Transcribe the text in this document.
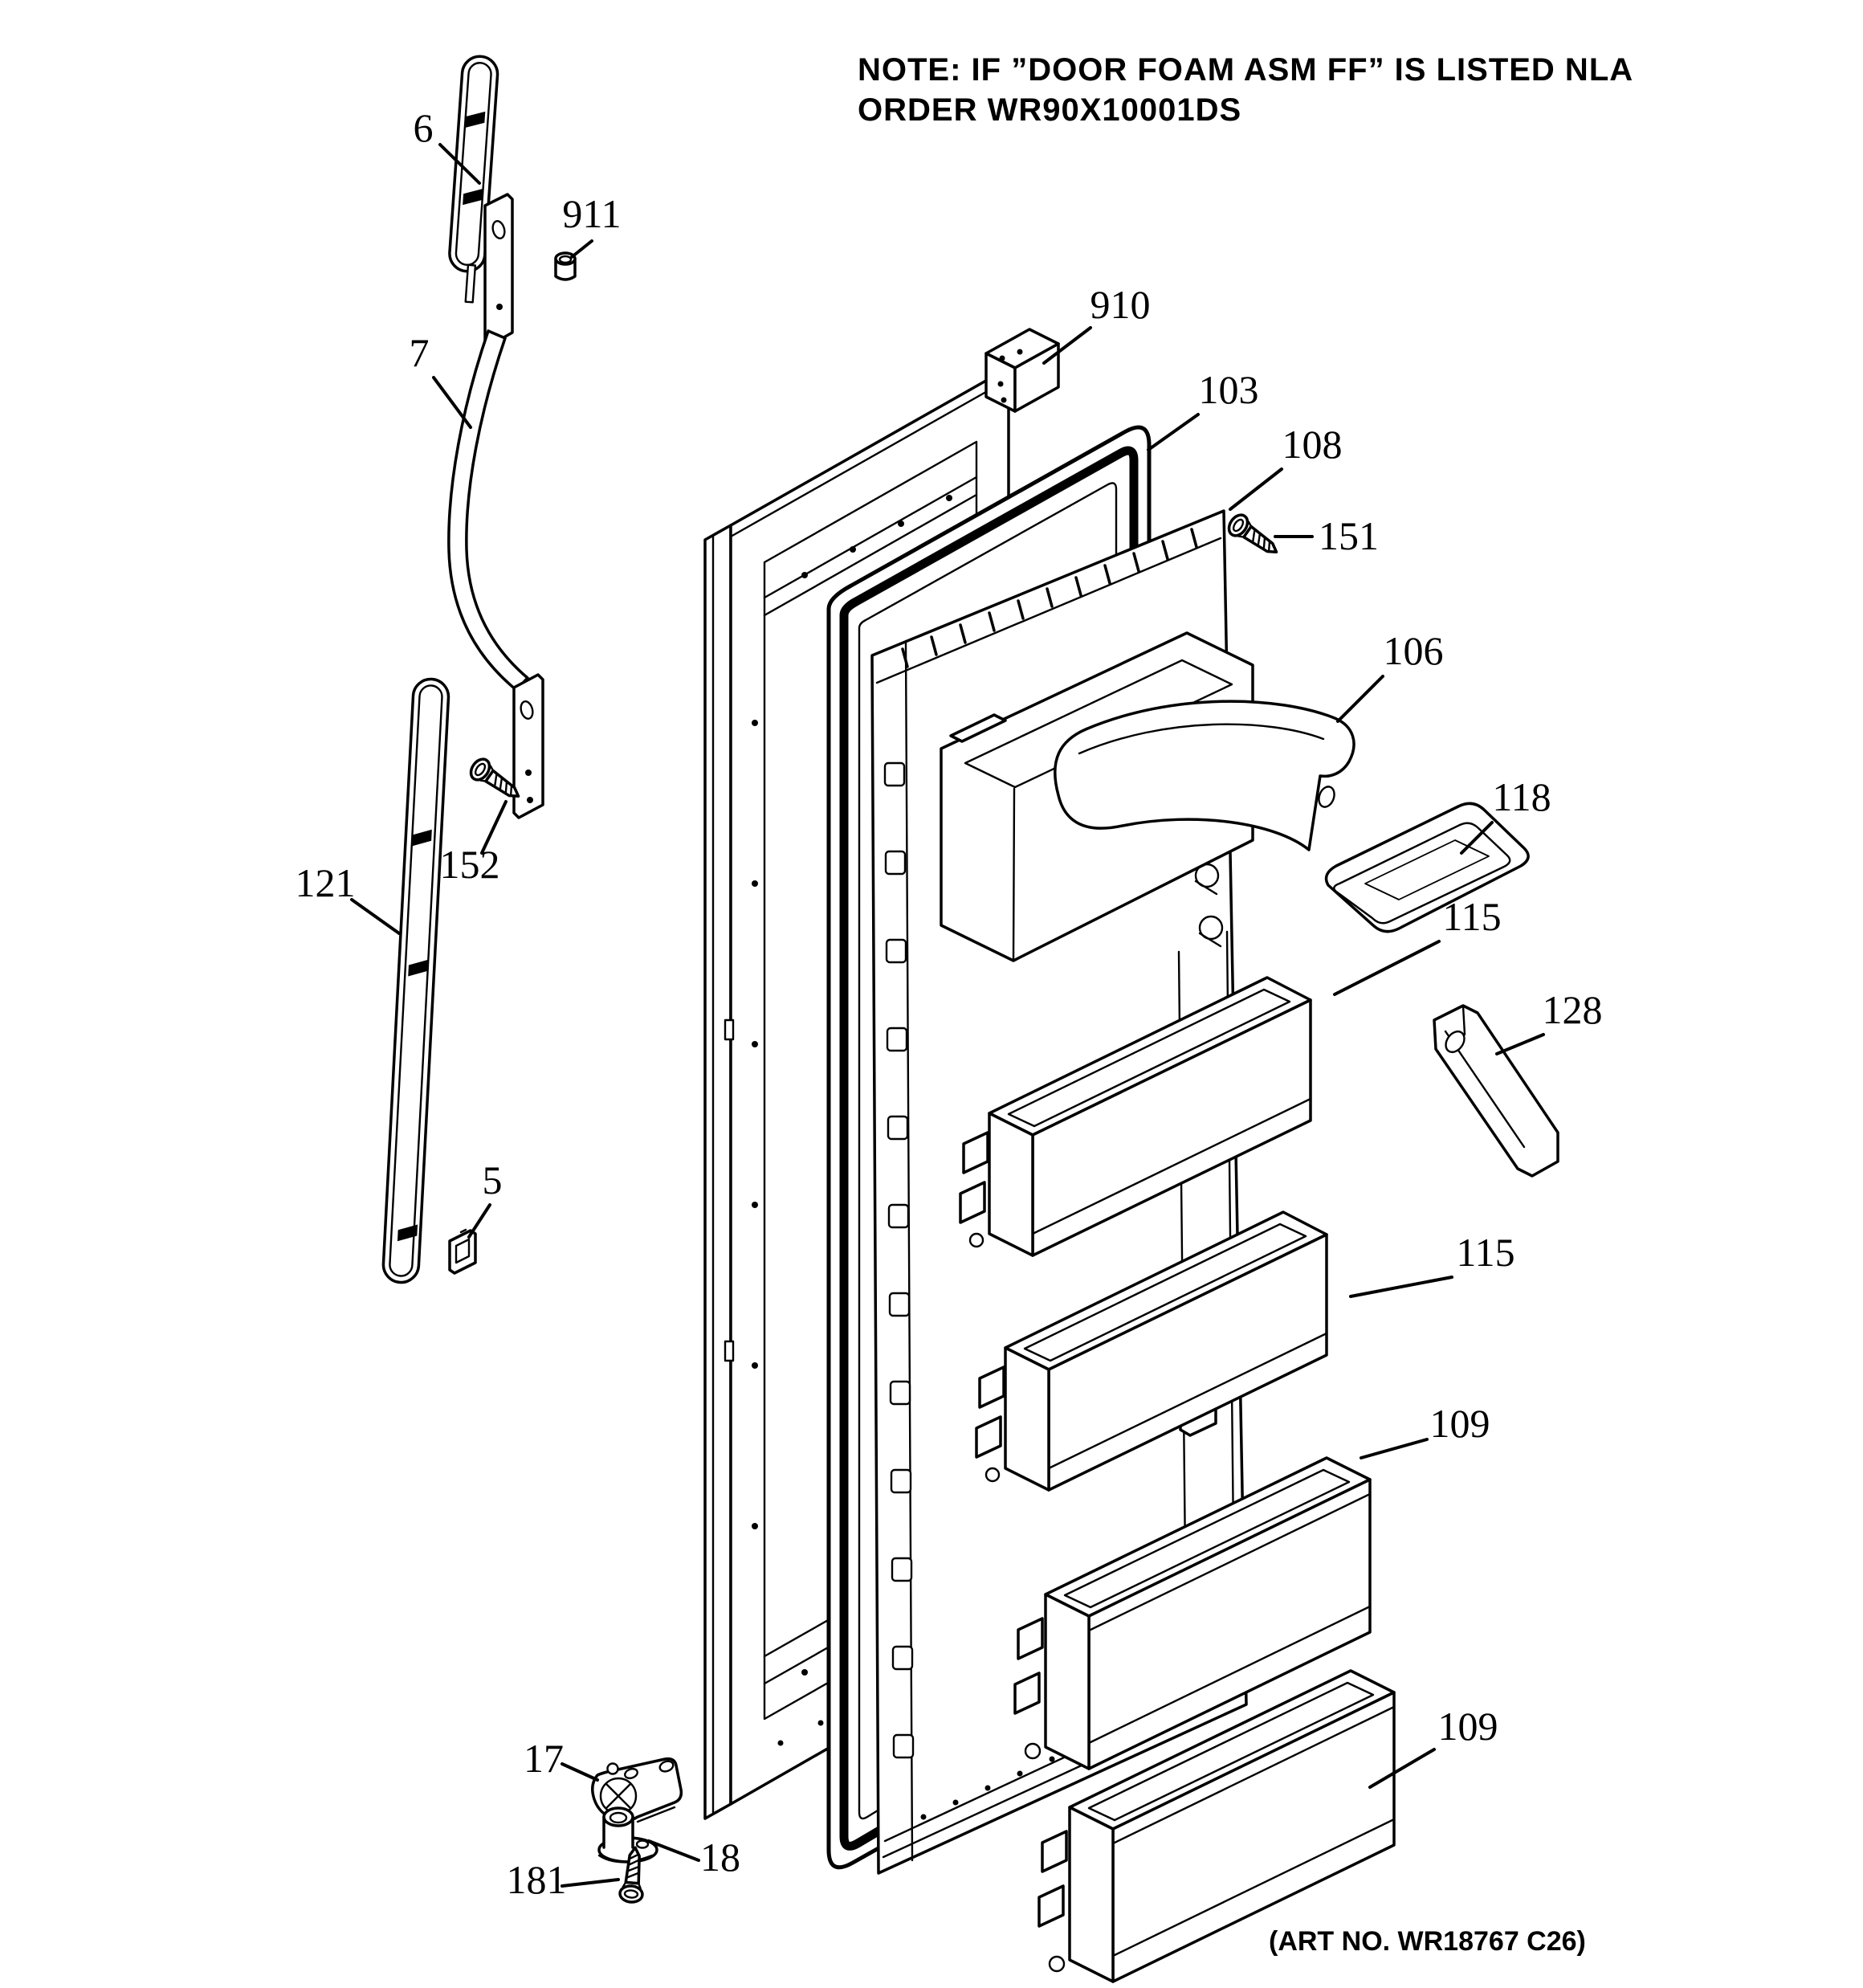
6
7
911
910
103
108
151
106
118
115
128
115
121 152
5
109
109
17
18
181
NOTE: IF ”DOOR FOAM ASM FF” IS LISTED NLA
ORDER WR90X10001DS
(ART NO. WR18767 C26)
